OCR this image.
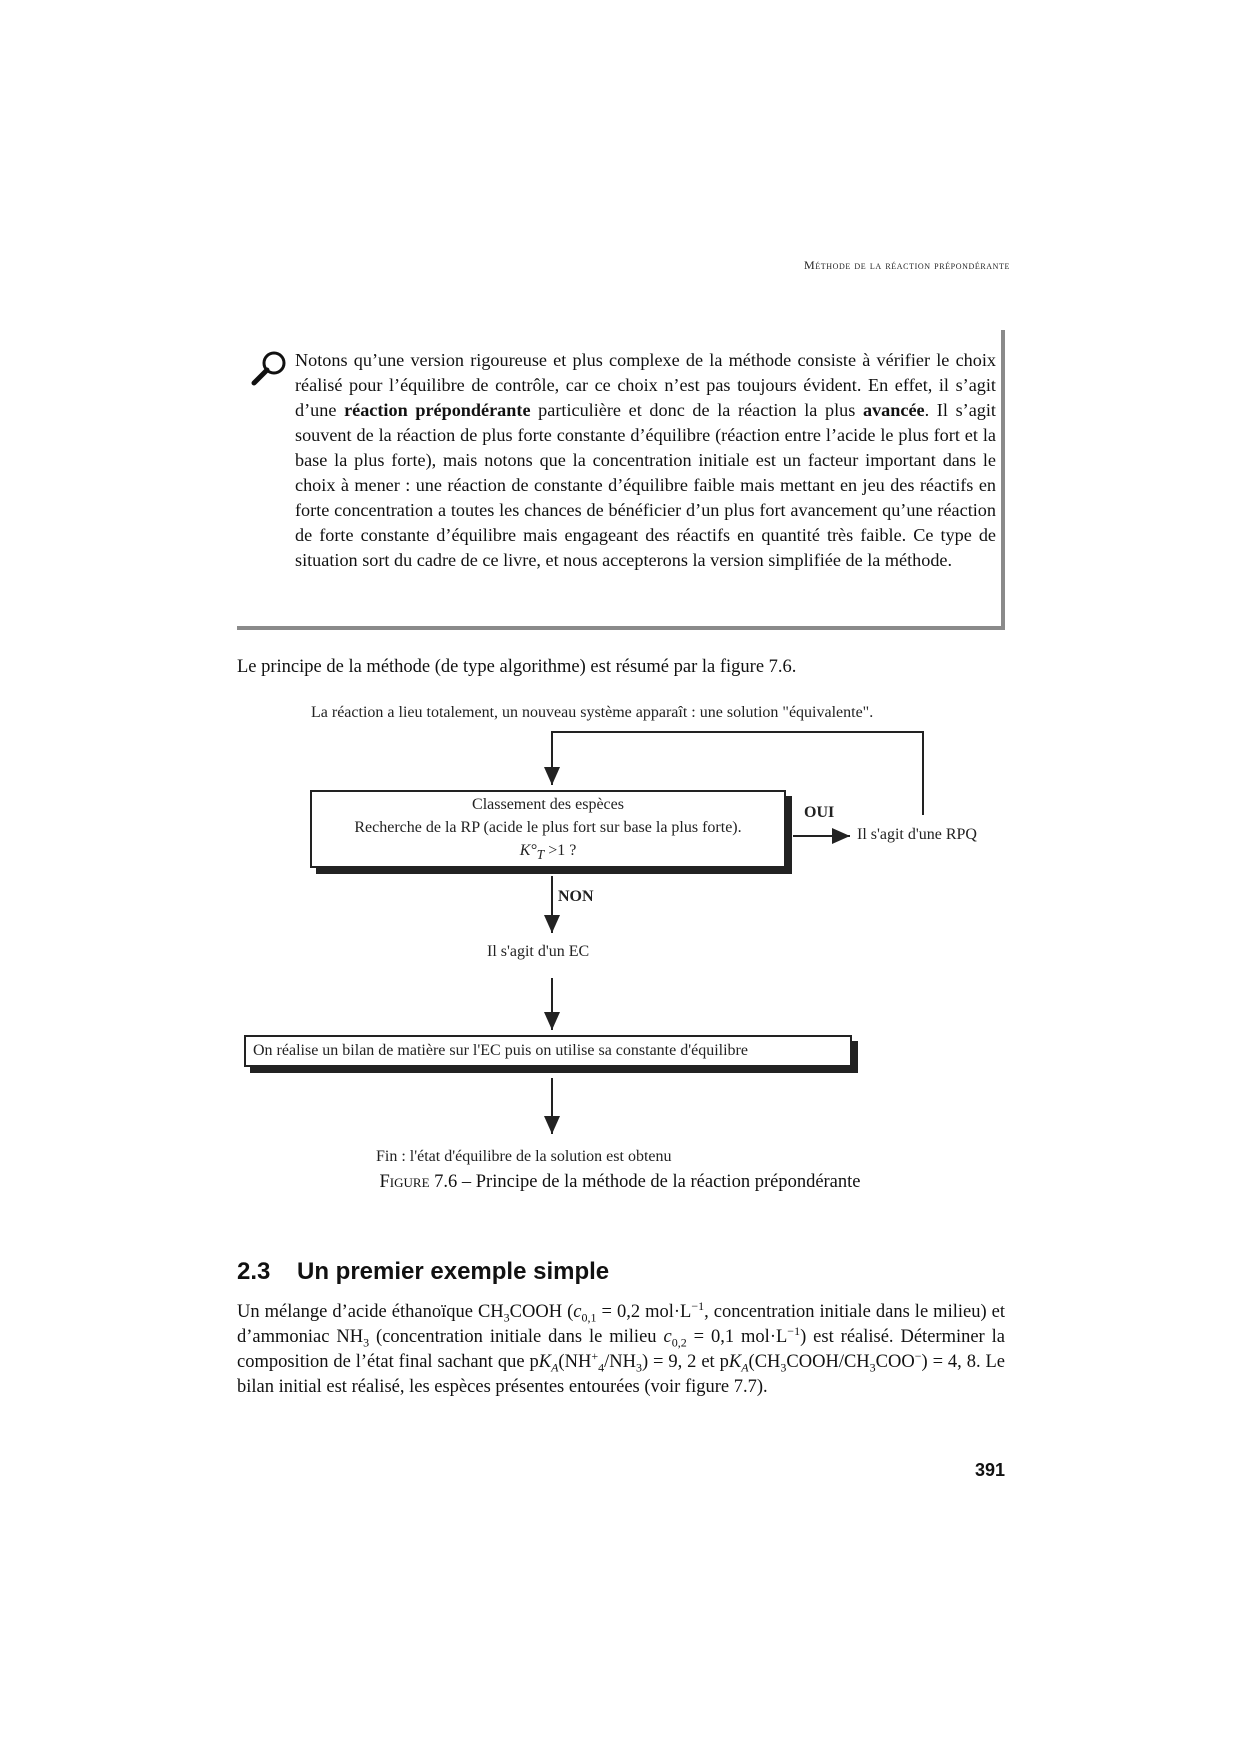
Méthode de la réaction prépondérante
Notons qu’une version rigoureuse et plus complexe de la méthode consiste à vérifier le choix réalisé pour l’équilibre de contrôle, car ce choix n’est pas toujours évident. En effet, il s’agit d’une réaction prépondérante particulière et donc de la réaction la plus avancée. Il s’agit souvent de la réaction de plus forte constante d’équilibre (réaction entre l’acide le plus fort et la base la plus forte), mais notons que la concentration initiale est un facteur important dans le choix à mener : une réaction de constante d’équilibre faible mais mettant en jeu des réactifs en forte concentration a toutes les chances de bénéficier d’un plus fort avancement qu’une réaction de forte constante d’équilibre mais engageant des réactifs en quantité très faible. Ce type de situation sort du cadre de ce livre, et nous accepterons la version simplifiée de la méthode.
Le principe de la méthode (de type algorithme) est résumé par la figure 7.6.
La réaction a lieu totalement, un nouveau système apparaît : une solution "équivalente".
Classement des espèces
Recherche de la RP (acide le plus fort sur base la plus forte).
$K^\circ_T >1$ ?
OUI
Il s'agit d'une RPQ
NON
Il s'agit d'un EC
On réalise un bilan de matière sur l'EC puis on utilise sa constante d'équilibre
Fin : l'état d'équilibre de la solution est obtenu
Figure 7.6 – Principe de la méthode de la réaction prépondérante
2.3 Un premier exemple simple
Un mélange d’acide éthanoïque $CH_3COOH$ ($c_{0,1} = 0,2$ $mol\cdot L^{-1}$, concentration initiale dans le milieu) et d’ammoniac $NH_3$ (concentration initiale dans le milieu $c_{0,2} = 0,1$ $mol\cdot L^{-1}$) est réalisé. Déterminer la composition de l’état final sachant que $pK_A(NH^+_4/NH_3) = 9$, 2 et $pK_A(CH_3COOH/CH_3COO^-) = 4$, 8. Le bilan initial est réalisé, les espèces présentes entourées (voir figure 7.7).
391
